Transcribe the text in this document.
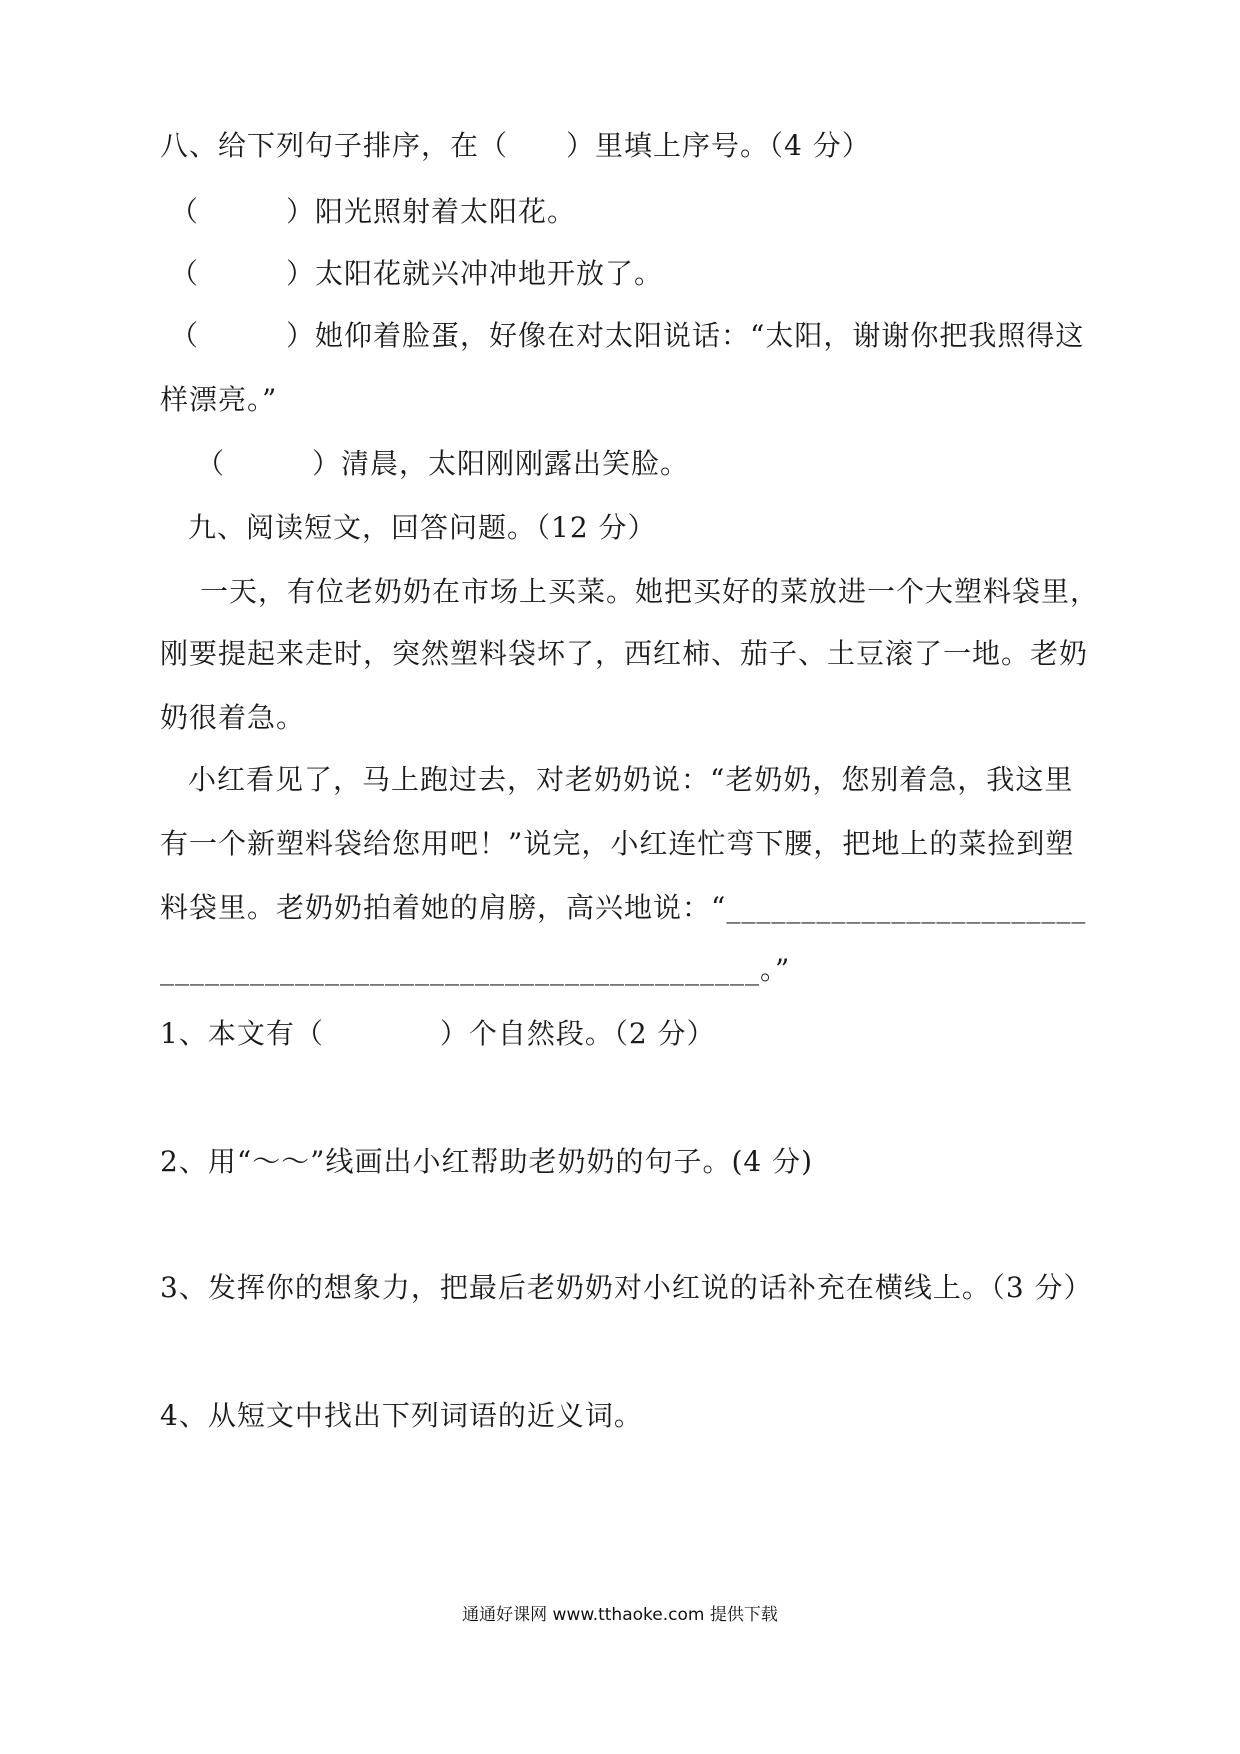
八、给下列句子排序，在（　　）里填上序号。（4 分）
（　　　）阳光照射着太阳花。
（　　　）太阳花就兴冲冲地开放了。
（　　　）她仰着脸蛋，好像在对太阳说话：“太阳，谢谢你把我照得这
样漂亮。”
（　　　）清晨，太阳刚刚露出笑脸。
九、阅读短文，回答问题。（12 分）
一天，有位老奶奶在市场上买菜。她把买好的菜放进一个大塑料袋里，
刚要提起来走时，突然塑料袋坏了，西红柿、茄子、土豆滚了一地。老奶
奶很着急。
小红看见了，马上跑过去，对老奶奶说：“老奶奶，您别着急，我这里
有一个新塑料袋给您用吧！”说完，小红连忙弯下腰，把地上的菜捡到塑
料袋里。老奶奶拍着她的肩膀，高兴地说：“________________________
________________________________________。”
1、本文有（　　　　）个自然段。（2 分）
2、用“～～”线画出小红帮助老奶奶的句子。(4 分)
3、发挥你的想象力，把最后老奶奶对小红说的话补充在横线上。（3 分）
4、从短文中找出下列词语的近义词。
通通好课网 www.tthaoke.com 提供下载
